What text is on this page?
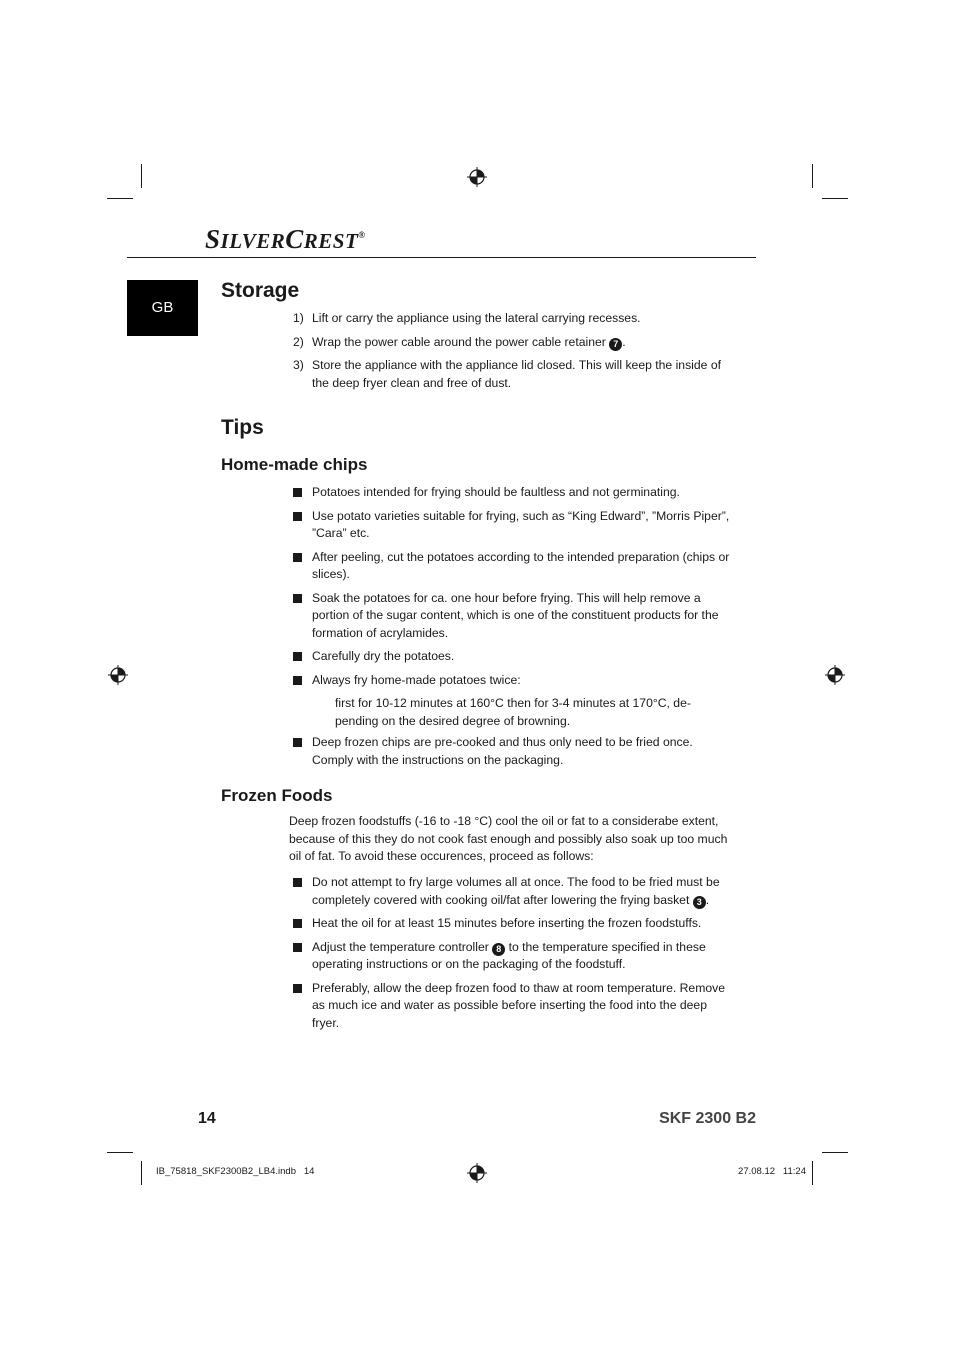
SILVERCREST®
GB
Storage
1) Lift or carry the appliance using the lateral carrying recesses.
2) Wrap the power cable around the power cable retainer 7 .
3) Store the appliance with the appliance lid closed. This will keep the inside of the deep fryer clean and free of dust.
Tips
Home-made chips
Potatoes intended for frying should be faultless and not germinating.
Use potato varieties suitable for frying, such as “King Edward”, ”Morris Piper”, ”Cara” etc.
After peeling, cut the potatoes according to the intended preparation (chips or slices).
Soak the potatoes for ca. one hour before frying. This will help remove a portion of the sugar content, which is one of the constituent products for the formation of acrylamides.
Carefully dry the potatoes.
Always fry home-made potatoes twice:
first for 10-12 minutes at 160°C then for 3-4 minutes at 170°C, de-pending on the desired degree of browning.
Deep frozen chips are pre-cooked and thus only need to be fried once. Comply with the instructions on the packaging.
Frozen Foods

Deep frozen foodstuffs (-16 to -18 °C) cool the oil or fat to a considerabe extent, because of this they do not cook fast enough and possibly also soak up too much oil of fat. To avoid these occurences, proceed as follows:

Do not attempt to fry large volumes all at once. The food to be fried must be completely covered with cooking oil/fat after lowering the frying basket 3 .
Heat the oil for at least 15 minutes before inserting the frozen foodstuffs.
Adjust the temperature controller 8 to the temperature specified in these operating instructions or on the packaging of the foodstuff.
Preferably, allow the deep frozen food to thaw at room temperature. Remove as much ice and water as possible before inserting the food into the deep fryer.
14	SKF 2300 B2
IB_75818_SKF2300B2_LB4.indb   14	27.08.12   11:24
